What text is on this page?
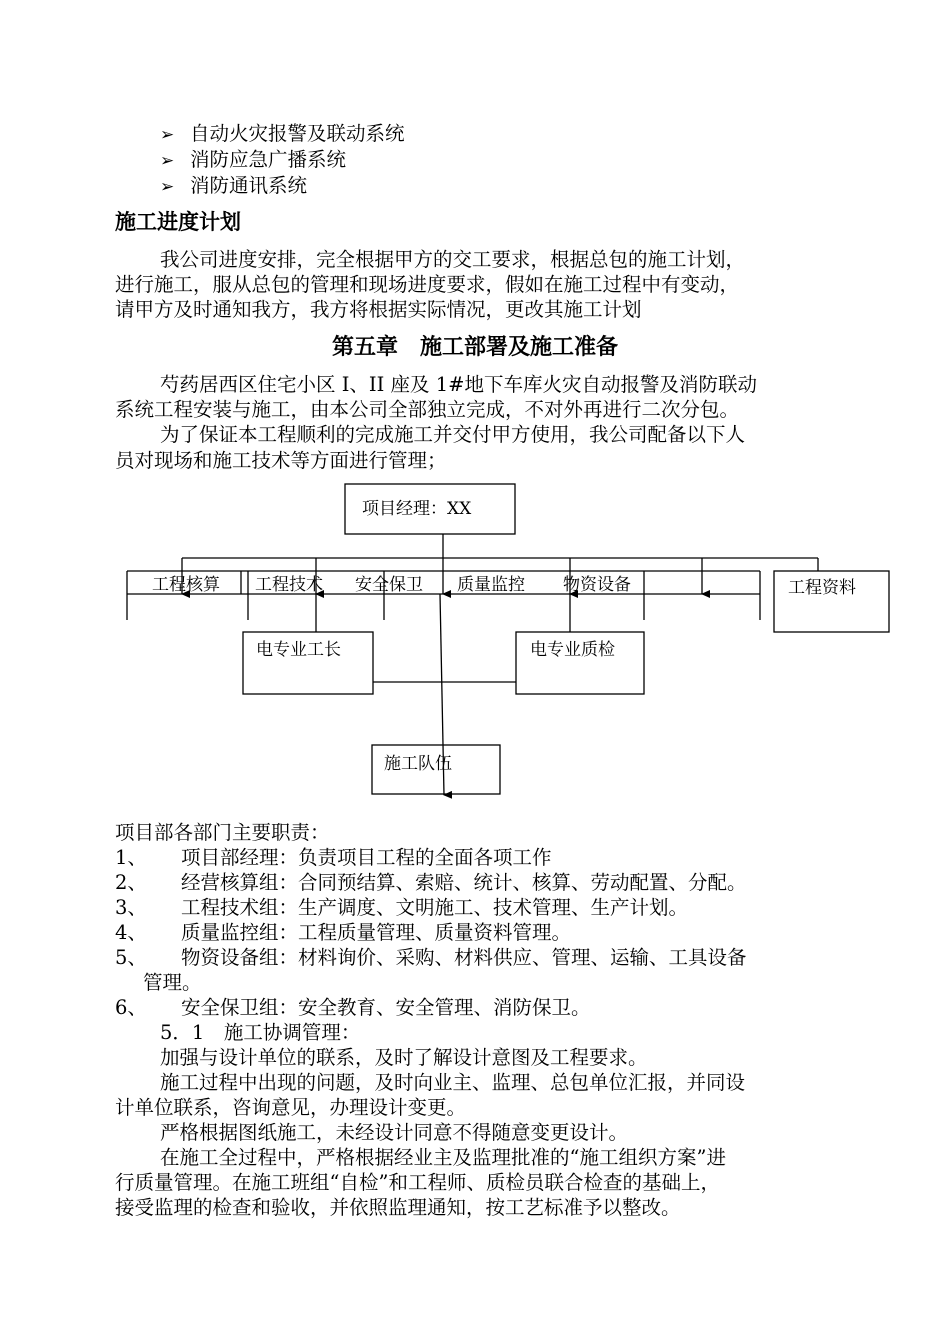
➢ 自动火灾报警及联动系统
➢ 消防应急广播系统
➢ 消防通讯系统
施工进度计划
我公司进度安排，完全根据甲方的交工要求，根据总包的施工计划，
进行施工，服从总包的管理和现场进度要求，假如在施工过程中有变动，
请甲方及时通知我方，我方将根据实际情况，更改其施工计划
第五章　施工部署及施工准备
芍药居西区住宅小区 I、II 座及 1#地下车库火灾自动报警及消防联动
系统工程安装与施工，由本公司全部独立完成，不对外再进行二次分包。
为了保证本工程顺利的完成施工并交付甲方使用，我公司配备以下人
员对现场和施工技术等方面进行管理；
项目经理：XX
工程核算 工程技术 安全保卫 质量监控 物资设备	工程资料
电专业工长	电专业质检
施工队伍
项目部各部门主要职责：
1、 项目部经理：负责项目工程的全面各项工作
2、 经营核算组：合同预结算、索赔、统计、核算、劳动配置、分配。
3、 工程技术组：生产调度、文明施工、技术管理、生产计划。
4、 质量监控组：工程质量管理、质量资料管理。
5、 物资设备组：材料询价、采购、材料供应、管理、运输、工具设备
管理。
6、 安全保卫组：安全教育、安全管理、消防保卫。
5．1　施工协调管理：
加强与设计单位的联系，及时了解设计意图及工程要求。
施工过程中出现的问题，及时向业主、监理、总包单位汇报，并同设
计单位联系，咨询意见，办理设计变更。
严格根据图纸施工，未经设计同意不得随意变更设计。
在施工全过程中，严格根据经业主及监理批准的“施工组织方案”进
行质量管理。在施工班组“自检”和工程师、质检员联合检查的基础上，
接受监理的检查和验收，并依照监理通知，按工艺标准予以整改。
